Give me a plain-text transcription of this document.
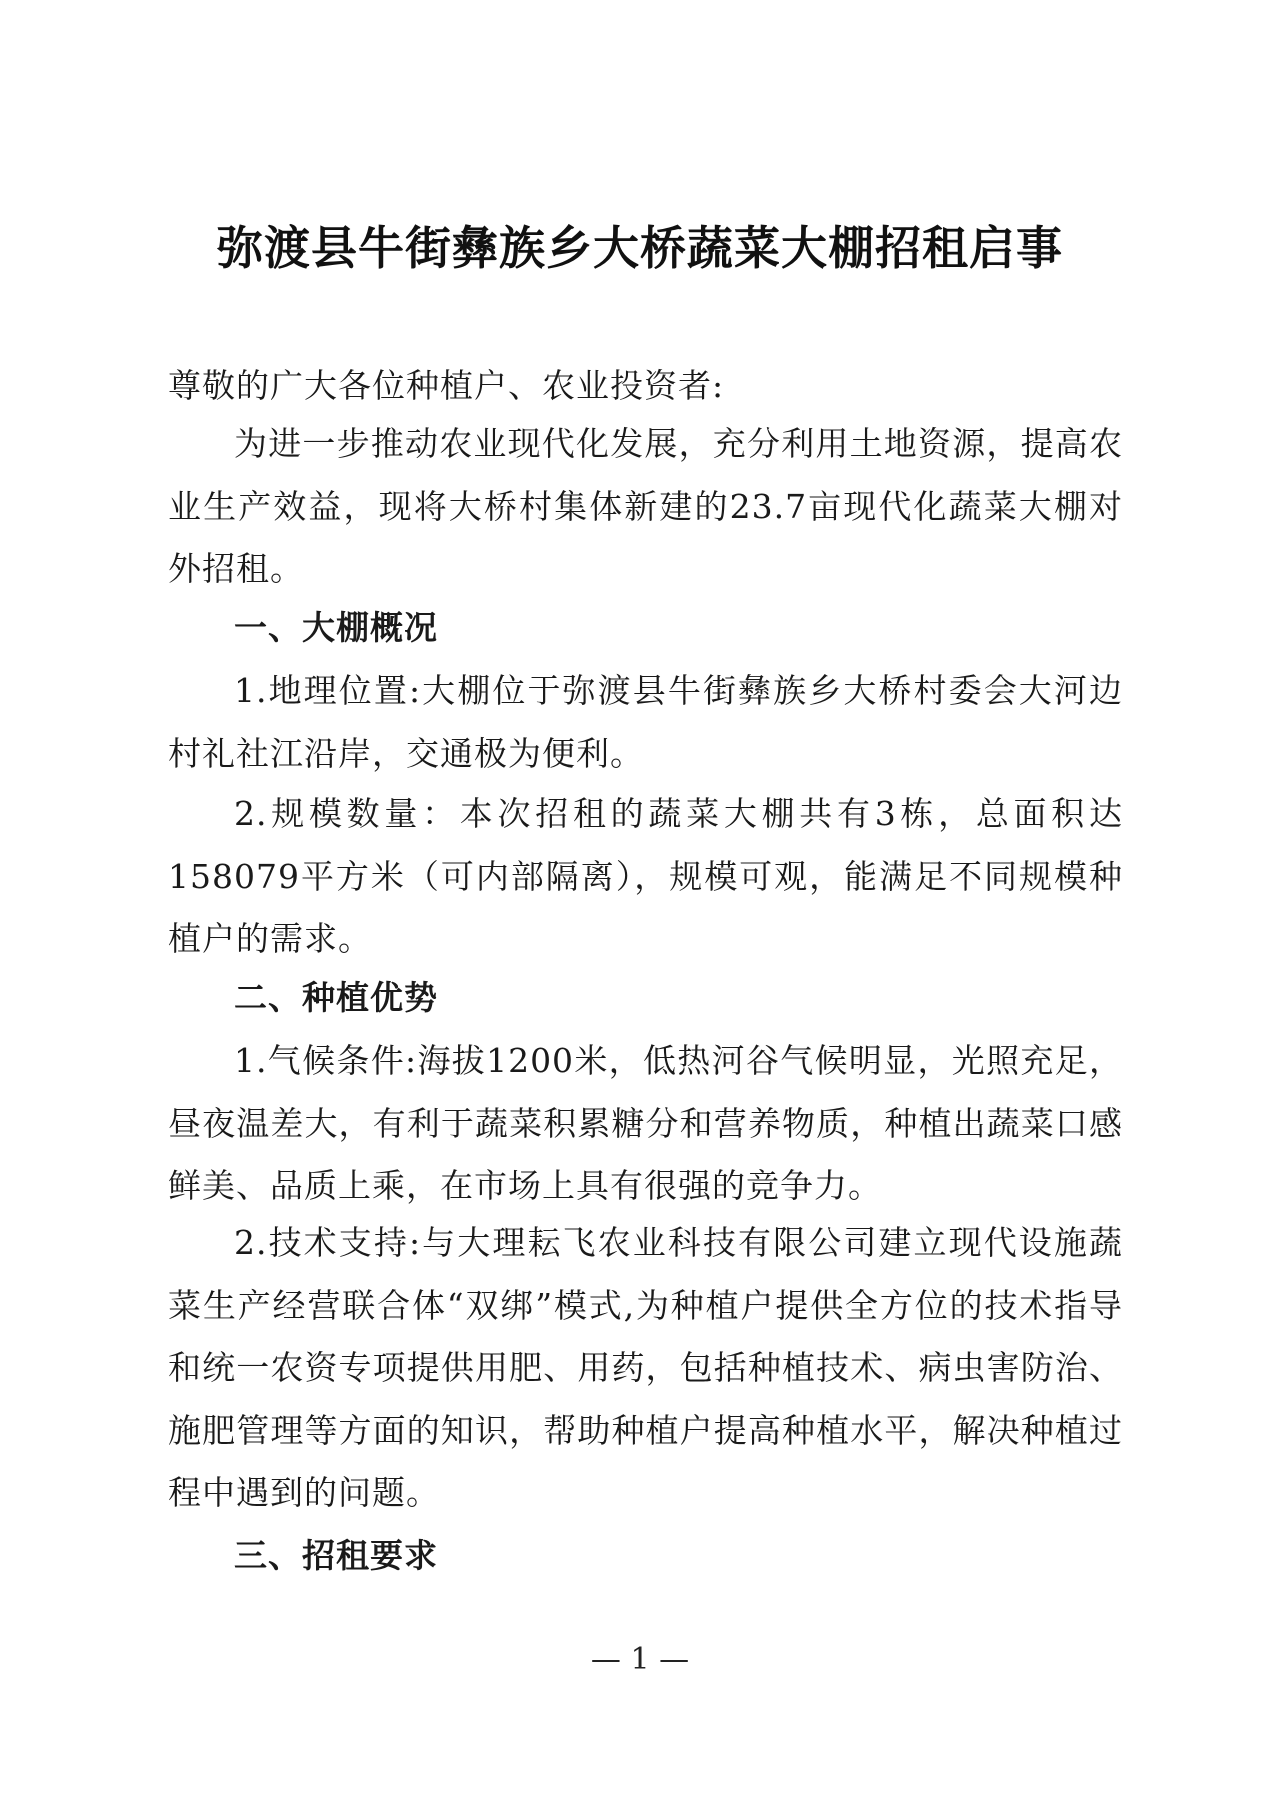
弥渡县牛街彝族乡大桥蔬菜大棚招租启事
尊敬的广大各位种植户、农业投资者:

为进一步推动农业现代化发展，充分利用土地资源，提高农业生产效益，现将大桥村集体新建的23.7亩现代化蔬菜大棚对外招租。

一、大棚概况

1.地理位置:大棚位于弥渡县牛街彝族乡大桥村委会大河边村礼社江沿岸，交通极为便利。

2.规模数量：本次招租的蔬菜大棚共有3栋，总面积达158079平方米（可内部隔离），规模可观，能满足不同规模种植户的需求。

二、种植优势

1.气候条件:海拔1200米，低热河谷气候明显，光照充足，昼夜温差大，有利于蔬菜积累糖分和营养物质，种植出蔬菜口感鲜美、品质上乘，在市场上具有很强的竞争力。

2.技术支持:与大理耘飞农业科技有限公司建立现代设施蔬菜生产经营联合体“双绑”模式,为种植户提供全方位的技术指导和统一农资专项提供用肥、用药，包括种植技术、病虫害防治、施肥管理等方面的知识，帮助种植户提高种植水平，解决种植过程中遇到的问题。

三、招租要求
— 1 —
